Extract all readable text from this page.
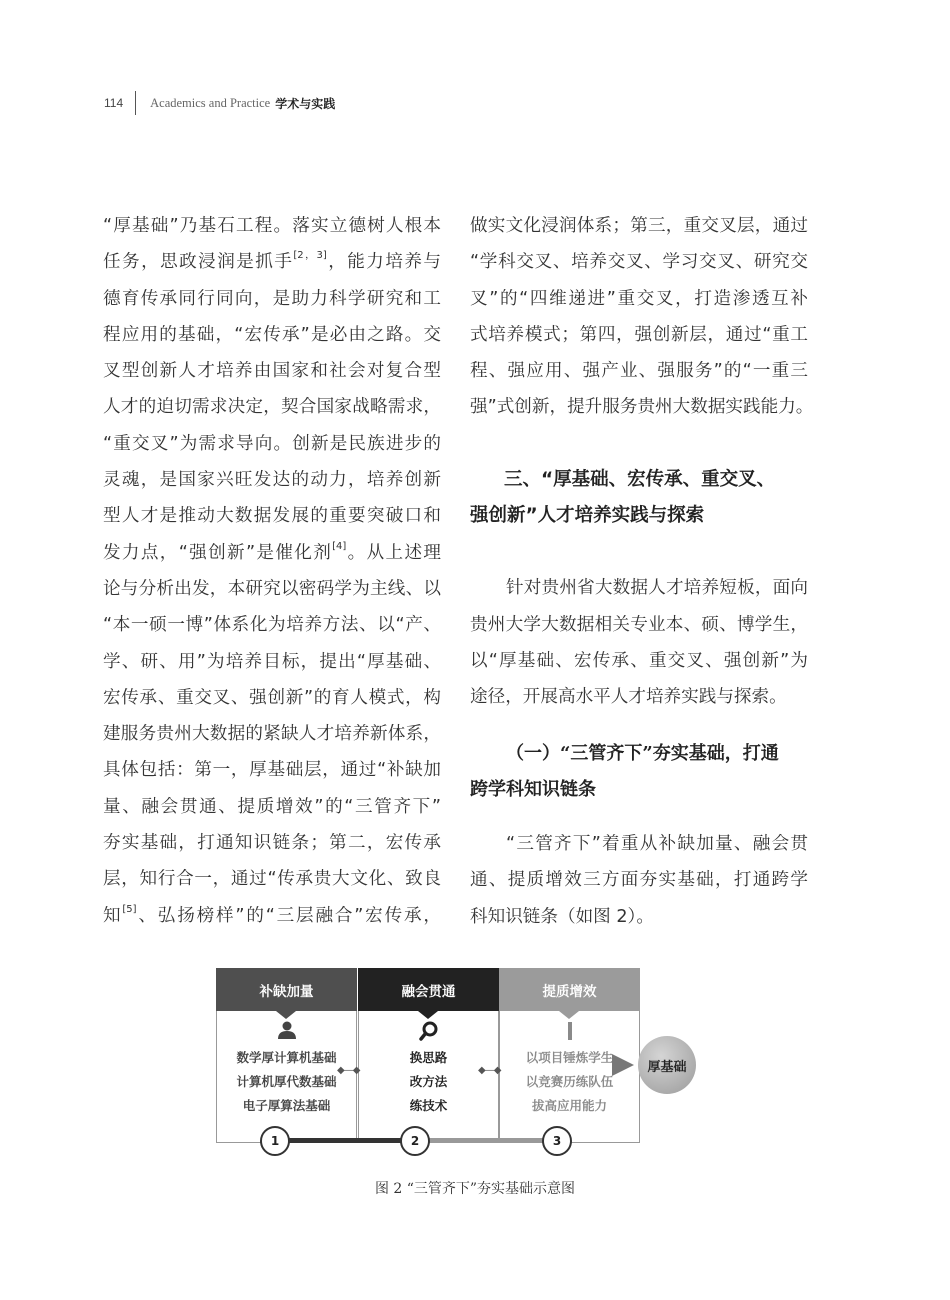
114 Academics and Practice 学术与实践
“厚基础”乃基石工程。落实立德树人根本
任务，思政浸润是抓手[2，3]，能力培养与
德育传承同行同向，是助力科学研究和工
程应用的基础，“宏传承”是必由之路。交
叉型创新人才培养由国家和社会对复合型
人才的迫切需求决定，契合国家战略需求，
“重交叉”为需求导向。创新是民族进步的
灵魂，是国家兴旺发达的动力，培养创新
型人才是推动大数据发展的重要突破口和
发力点，“强创新”是催化剂[4]。从上述理
论与分析出发，本研究以密码学为主线、以
“本一硕一博”体系化为培养方法、以“产、
学、研、用”为培养目标，提出“厚基础、
宏传承、重交叉、强创新”的育人模式，构
建服务贵州大数据的紧缺人才培养新体系，
具体包括：第一，厚基础层，通过“补缺加
量、融会贯通、提质增效”的“三管齐下”
夯实基础，打通知识链条；第二，宏传承
层，知行合一，通过“传承贵大文化、致良
知[5]、弘扬榜样”的“三层融合”宏传承，
做实文化浸润体系；第三，重交叉层，通过
“学科交叉、培养交叉、学习交叉、研究交
叉”的“四维递进”重交叉，打造渗透互补
式培养模式；第四，强创新层，通过“重工
程、强应用、强产业、强服务”的“一重三
强”式创新，提升服务贵州大数据实践能力。
三、“厚基础、宏传承、重交叉、
强创新”人才培养实践与探索
针对贵州省大数据人才培养短板，面向
贵州大学大数据相关专业本、硕、博学生，
以“厚基础、宏传承、重交叉、强创新”为
途径，开展高水平人才培养实践与探索。
（一）“三管齐下”夯实基础，打通
跨学科知识链条
“三管齐下”着重从补缺加量、融会贯
通、提质增效三方面夯实基础，打通跨学
科知识链条（如图 2）。
补缺加量	融会贯通	提质增效
数学厚计算机基础
计算机厚代数基础
电子厚算法基础
换思路
改方法
练技术
以项目锤炼学生
以竞赛历练队伍
拔高应用能力
◆—◆	◆—◆
1	2	3
厚基础
图 2 “三管齐下”夯实基础示意图
